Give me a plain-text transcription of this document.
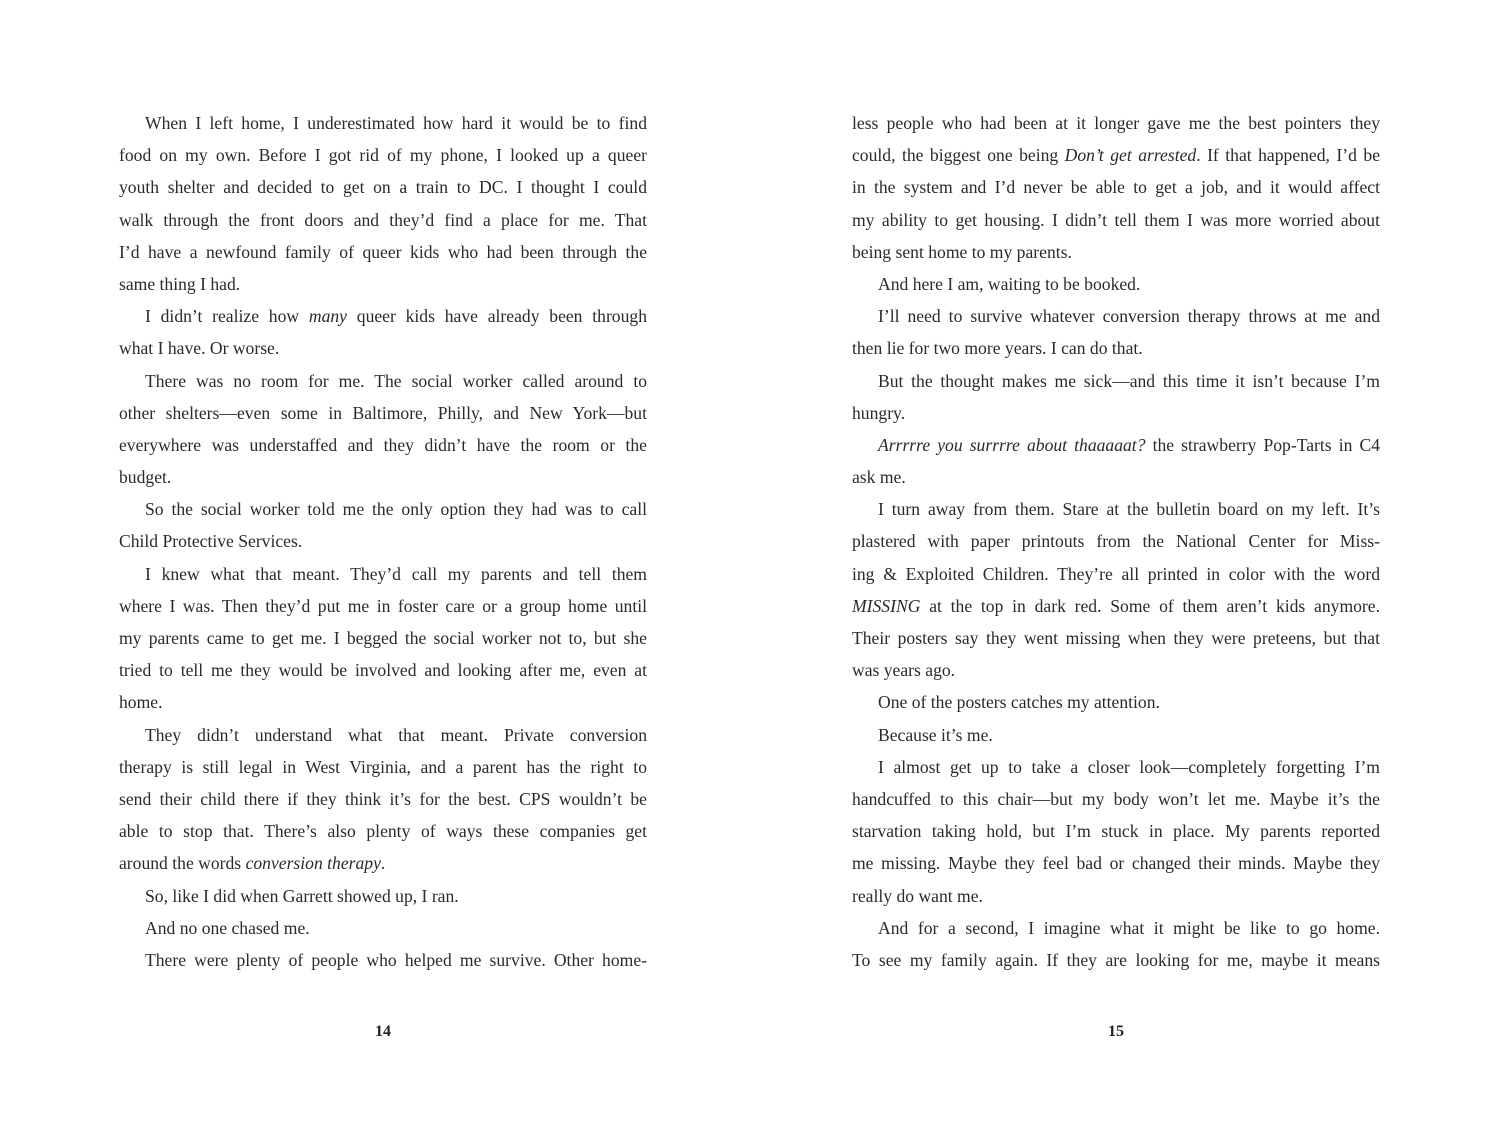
When I left home, I underestimated how hard it would be to find
food on my own. Before I got rid of my phone, I looked up a queer
youth shelter and decided to get on a train to DC. I thought I could
walk through the front doors and they’d find a place for me. That
I’d have a newfound family of queer kids who had been through the
same thing I had.
I didn’t realize how many queer kids have already been through
what I have. Or worse.
There was no room for me. The social worker called around to
other shelters—even some in Baltimore, Philly, and New York—but
everywhere was understaffed and they didn’t have the room or the
budget.
So the social worker told me the only option they had was to call
Child Protective Services.
I knew what that meant. They’d call my parents and tell them
where I was. Then they’d put me in foster care or a group home until
my parents came to get me. I begged the social worker not to, but she
tried to tell me they would be involved and looking after me, even at
home.
They didn’t understand what that meant. Private conversion
therapy is still legal in West Virginia, and a parent has the right to
send their child there if they think it’s for the best. CPS wouldn’t be
able to stop that. There’s also plenty of ways these companies get
around the words conversion therapy.
So, like I did when Garrett showed up, I ran.
And no one chased me.
There were plenty of people who helped me survive. Other home-
less people who had been at it longer gave me the best pointers they
could, the biggest one being Don’t get arrested. If that happened, I’d be
in the system and I’d never be able to get a job, and it would affect
my ability to get housing. I didn’t tell them I was more worried about
being sent home to my parents.
And here I am, waiting to be booked.
I’ll need to survive whatever conversion therapy throws at me and
then lie for two more years. I can do that.
But the thought makes me sick—and this time it isn’t because I’m
hungry.
Arrrrre you surrrre about thaaaaat? the strawberry Pop-Tarts in C4
ask me.
I turn away from them. Stare at the bulletin board on my left. It’s
plastered with paper printouts from the National Center for Miss-
ing & Exploited Children. They’re all printed in color with the word
MISSING at the top in dark red. Some of them aren’t kids anymore.
Their posters say they went missing when they were preteens, but that
was years ago.
One of the posters catches my attention.
Because it’s me.
I almost get up to take a closer look—completely forgetting I’m
handcuffed to this chair—but my body won’t let me. Maybe it’s the
starvation taking hold, but I’m stuck in place. My parents reported
me missing. Maybe they feel bad or changed their minds. Maybe they
really do want me.
And for a second, I imagine what it might be like to go home.
To see my family again. If they are looking for me, maybe it means
14	15
